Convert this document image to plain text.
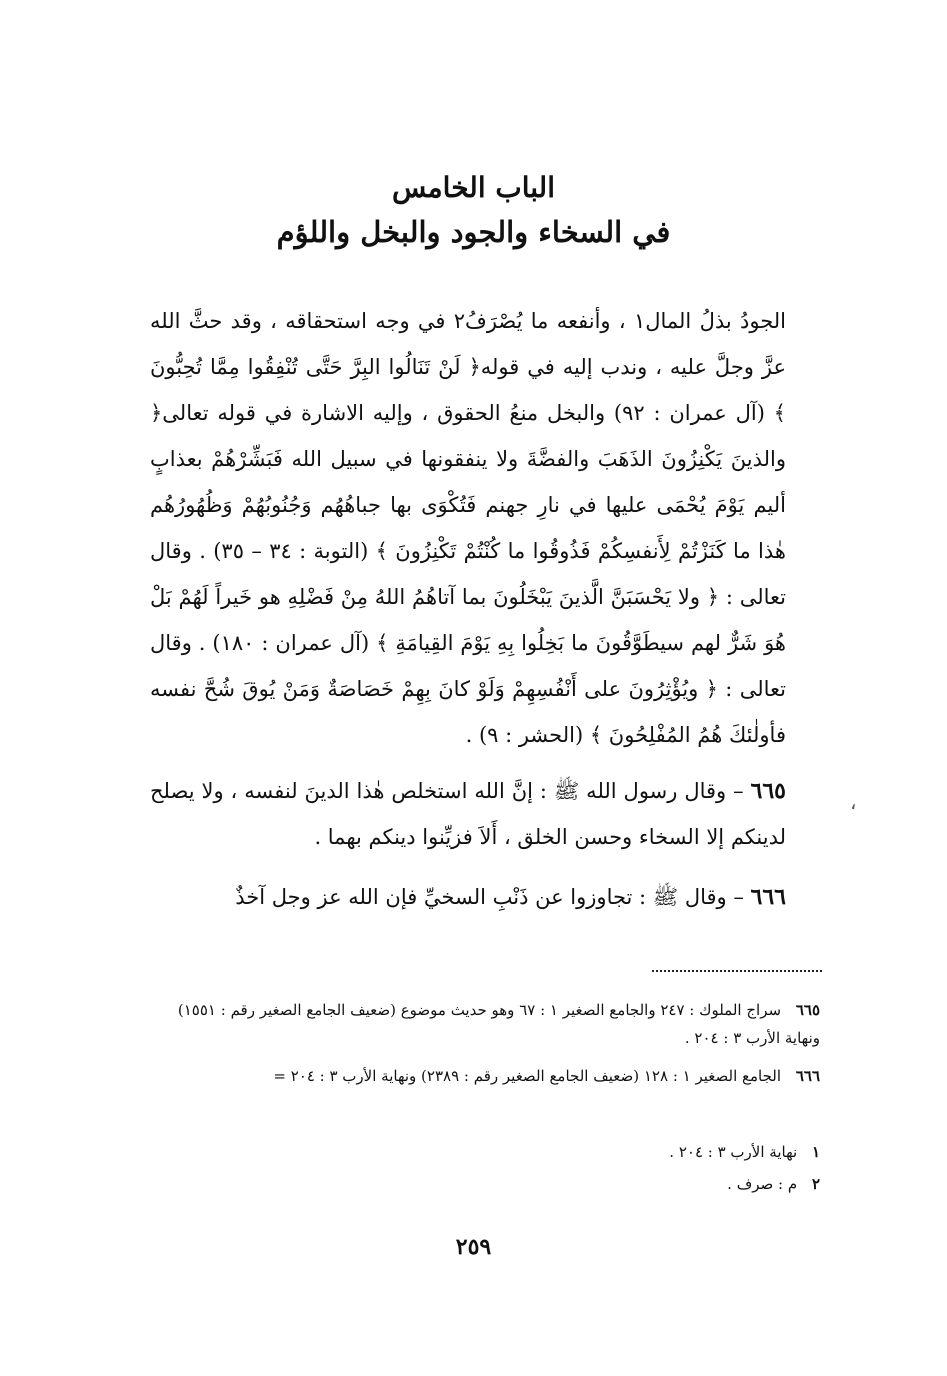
الباب الخامس
في السخاء والجود والبخل واللؤم
الجودُ بذلُ المال١ ، وأنفعه ما يُصْرَفُ٢ في وجه استحقاقه ، وقد حثَّ الله عزَّ وجلَّ عليه ، وندب إليه في قوله﴿ لَنْ تَنَالُوا البِرَّ حَتَّى تُنْفِقُوا مِمَّا تُحِبُّونَ ﴾ (آل عمران : ٩٢) والبخل منعُ الحقوق ، وإليه الاشارة في قوله تعالى﴿ والذينَ يَكْنِزُونَ الذَهَبَ والفضَّةَ ولا ينفقونها في سبيل الله فَبَشِّرْهُمْ بعذابٍ أليم يَوْمَ يُحْمَى عليها في نارِ جهنم فَتُكْوَى بها جباهُهُم وَجُنُوبُهُمْ وَظُهُورُهُم هٰذا ما كَنَزْتُمْ لِأَنفسِكُمْ فَذُوقُوا ما كُنْتُمْ تَكْنِزُونَ ﴾ (التوبة : ٣٤ – ٣٥) . وقال تعالى : ﴿ ولا يَحْسَبَنَّ الَّذينَ يَبْخَلُونَ بما آتاهُمُ اللهُ مِنْ فَضْلِهِ هو خَيراً لَهُمْ بَلْ هُوَ شَرٌّ لهم سيطَوَّقُونَ ما بَخِلُوا بِهِ يَوْمَ القِيامَةِ ﴾ (آل عمران : ١٨٠) . وقال تعالى : ﴿ ويُؤْثِرُونَ على أَنْفُسِهِمْ وَلَوْ كانَ بِهِمْ خَصَاصَةٌ وَمَنْ يُوقَ شُحَّ نفسه فأولٰئكَ هُمُ المُفْلِحُونَ ﴾ (الحشر : ٩) .
٦٦٥ – وقال رسول الله ﷺ : إنَّ الله استخلص هٰذا الدينَ لنفسه ، ولا يصلح لدينكم إلا السخاء وحسن الخلق ، أَلاَ فزيِّنوا دينكم بهما .
٦٦٦ – وقال ﷺ : تجاوزوا عن ذَنْبِ السخيِّ فإن الله عز وجل آخذٌ
٦٦٥ سراج الملوك : ٢٤٧ والجامع الصغير ١ : ٦٧ وهو حديث موضوع (ضعيف الجامع الصغير رقم : ١٥٥١) ونهاية الأرب ٣ : ٢٠٤ .
٦٦٦ الجامع الصغير ١ : ١٢٨ (ضعيف الجامع الصغير رقم : ٢٣٨٩) ونهاية الأرب ٣ : ٢٠٤ =
١ نهاية الأرب ٣ : ٢٠٤ .
٢ م : صرف .
٢٥٩
،
